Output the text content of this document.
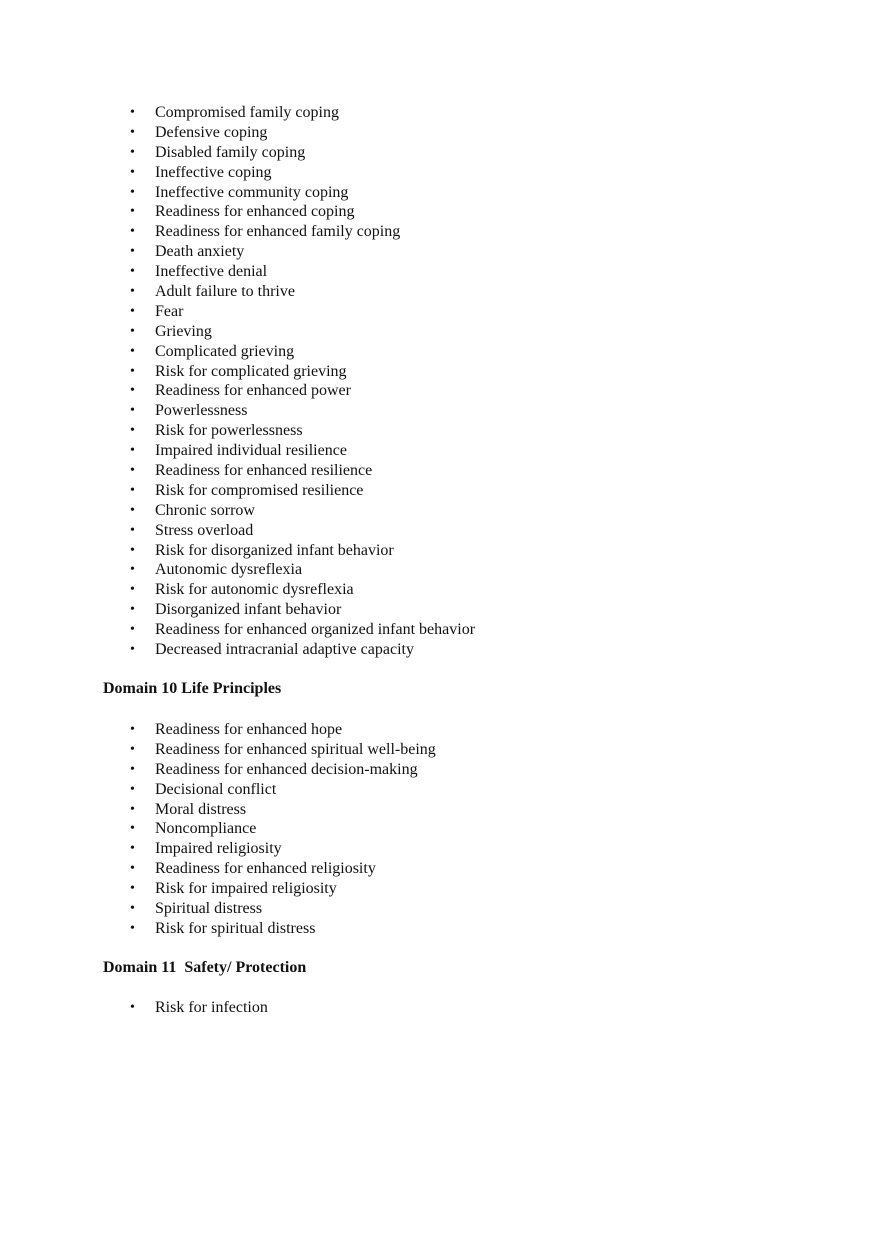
• Compromised family coping
• Defensive coping
• Disabled family coping
• Ineffective coping
• Ineffective community coping
• Readiness for enhanced coping
• Readiness for enhanced family coping
• Death anxiety
• Ineffective denial
• Adult failure to thrive
• Fear
• Grieving
• Complicated grieving
• Risk for complicated grieving
• Readiness for enhanced power
• Powerlessness
• Risk for powerlessness
• Impaired individual resilience
• Readiness for enhanced resilience
• Risk for compromised resilience
• Chronic sorrow
• Stress overload
• Risk for disorganized infant behavior
• Autonomic dysreflexia
• Risk for autonomic dysreflexia
• Disorganized infant behavior
• Readiness for enhanced organized infant behavior
• Decreased intracranial adaptive capacity
Domain 10 Life Principles
• Readiness for enhanced hope
• Readiness for enhanced spiritual well-being
• Readiness for enhanced decision-making
• Decisional conflict
• Moral distress
• Noncompliance
• Impaired religiosity
• Readiness for enhanced religiosity
• Risk for impaired religiosity
• Spiritual distress
• Risk for spiritual distress
Domain 11  Safety/ Protection
• Risk for infection
